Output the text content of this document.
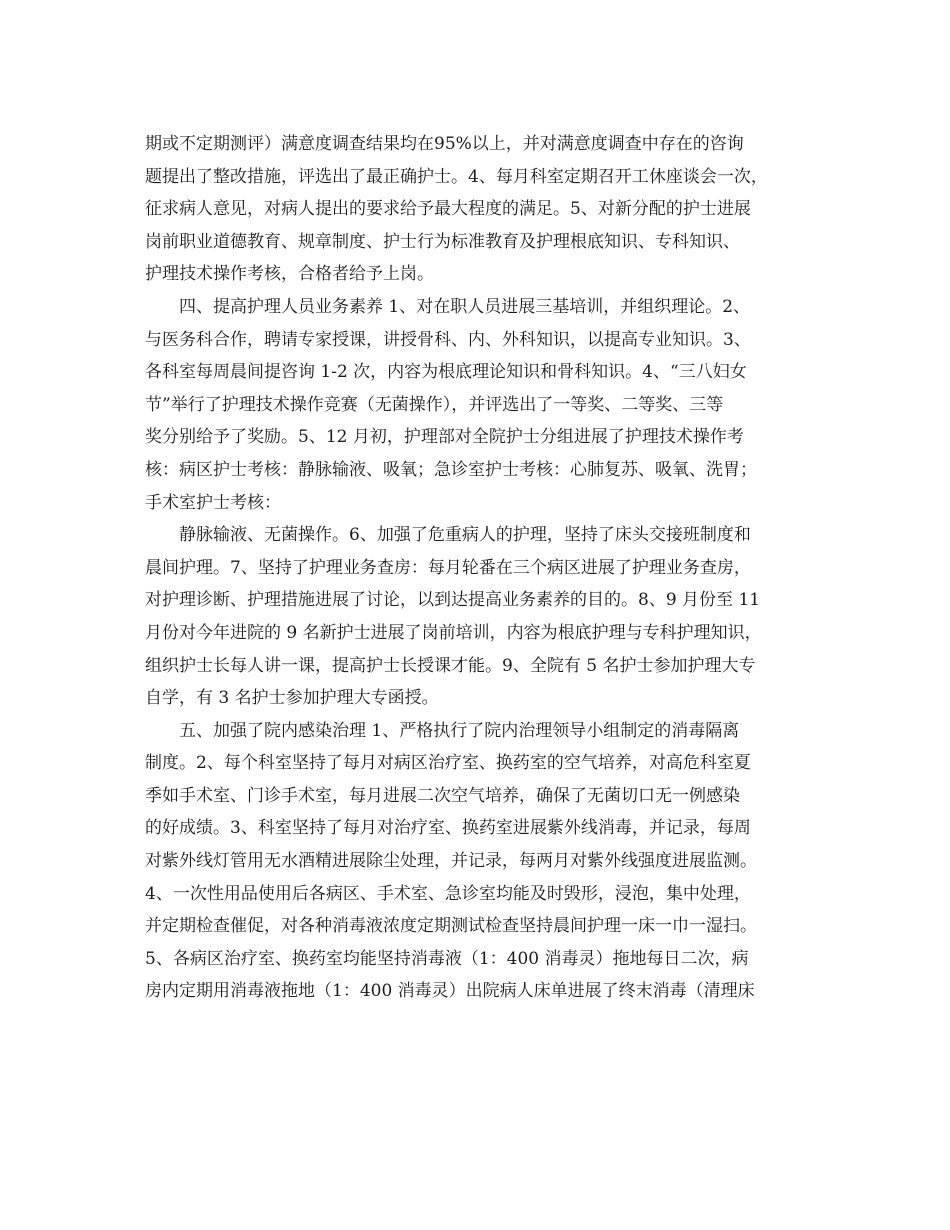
期或不定期测评）满意度调查结果均在95%以上，并对满意度调查中存在的咨询
题提出了整改措施，评选出了最正确护士。4、每月科室定期召开工休座谈会一次，
征求病人意见，对病人提出的要求给予最大程度的满足。5、对新分配的护士进展
岗前职业道德教育、规章制度、护士行为标准教育及护理根底知识、专科知识、
护理技术操作考核，合格者给予上岗。
四、提高护理人员业务素养 1、对在职人员进展三基培训，并组织理论。2、
与医务科合作，聘请专家授课，讲授骨科、内、外科知识，以提高专业知识。3、
各科室每周晨间提咨询 1-2 次，内容为根底理论知识和骨科知识。4、“三八妇女
节”举行了护理技术操作竞赛（无菌操作），并评选出了一等奖、二等奖、三等
奖分别给予了奖励。5、12 月初，护理部对全院护士分组进展了护理技术操作考
核：病区护士考核：静脉输液、吸氧；急诊室护士考核：心肺复苏、吸氧、洗胃；
手术室护士考核：
静脉输液、无菌操作。6、加强了危重病人的护理，坚持了床头交接班制度和
晨间护理。7、坚持了护理业务查房：每月轮番在三个病区进展了护理业务查房，
对护理诊断、护理措施进展了讨论，以到达提高业务素养的目的。8、9 月份至 11
月份对今年进院的 9 名新护士进展了岗前培训，内容为根底护理与专科护理知识，
组织护士长每人讲一课，提高护士长授课才能。9、全院有 5 名护士参加护理大专
自学，有 3 名护士参加护理大专函授。
五、加强了院内感染治理 1、严格执行了院内治理领导小组制定的消毒隔离
制度。2、每个科室坚持了每月对病区治疗室、换药室的空气培养，对高危科室夏
季如手术室、门诊手术室，每月进展二次空气培养，确保了无菌切口无一例感染
的好成绩。3、科室坚持了每月对治疗室、换药室进展紫外线消毒，并记录，每周
对紫外线灯管用无水酒精进展除尘处理，并记录，每两月对紫外线强度进展监测。
4、一次性用品使用后各病区、手术室、急诊室均能及时毁形，浸泡，集中处理，
并定期检查催促，对各种消毒液浓度定期测试检查坚持晨间护理一床一巾一湿扫。
5、各病区治疗室、换药室均能坚持消毒液（1：400 消毒灵）拖地每日二次，病
房内定期用消毒液拖地（1：400 消毒灵）出院病人床单进展了终末消毒（清理床
